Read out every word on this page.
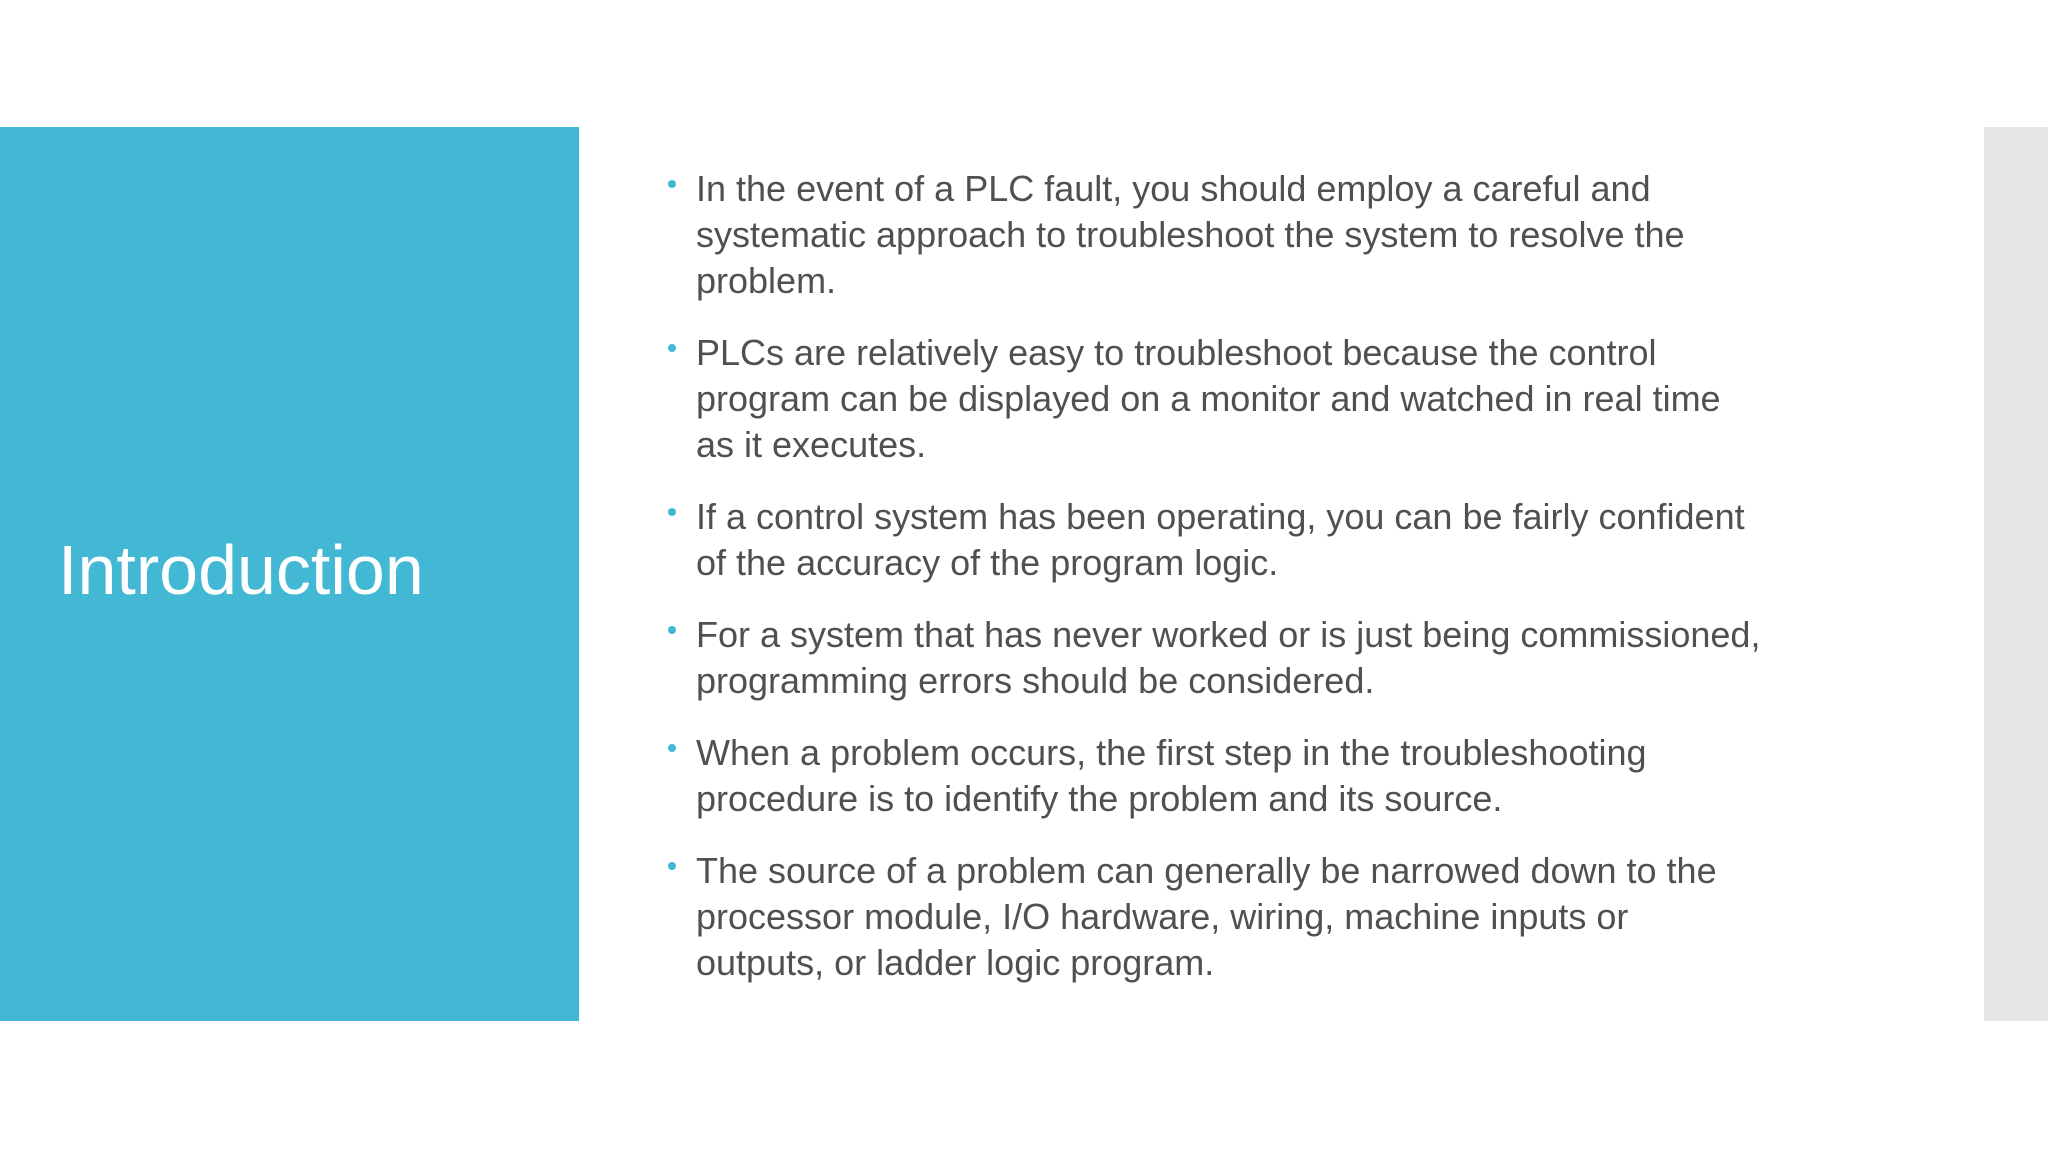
Introduction
In the event of a PLC fault, you should employ a careful and
systematic approach to troubleshoot the system to resolve the
problem.
PLCs are relatively easy to troubleshoot because the control
program can be displayed on a monitor and watched in real time
as it executes.
If a control system has been operating, you can be fairly confident
of the accuracy of the program logic.
For a system that has never worked or is just being commissioned,
programming errors should be considered.
When a problem occurs, the first step in the troubleshooting
procedure is to identify the problem and its source.
The source of a problem can generally be narrowed down to the
processor module, I/O hardware, wiring, machine inputs or
outputs, or ladder logic program.
